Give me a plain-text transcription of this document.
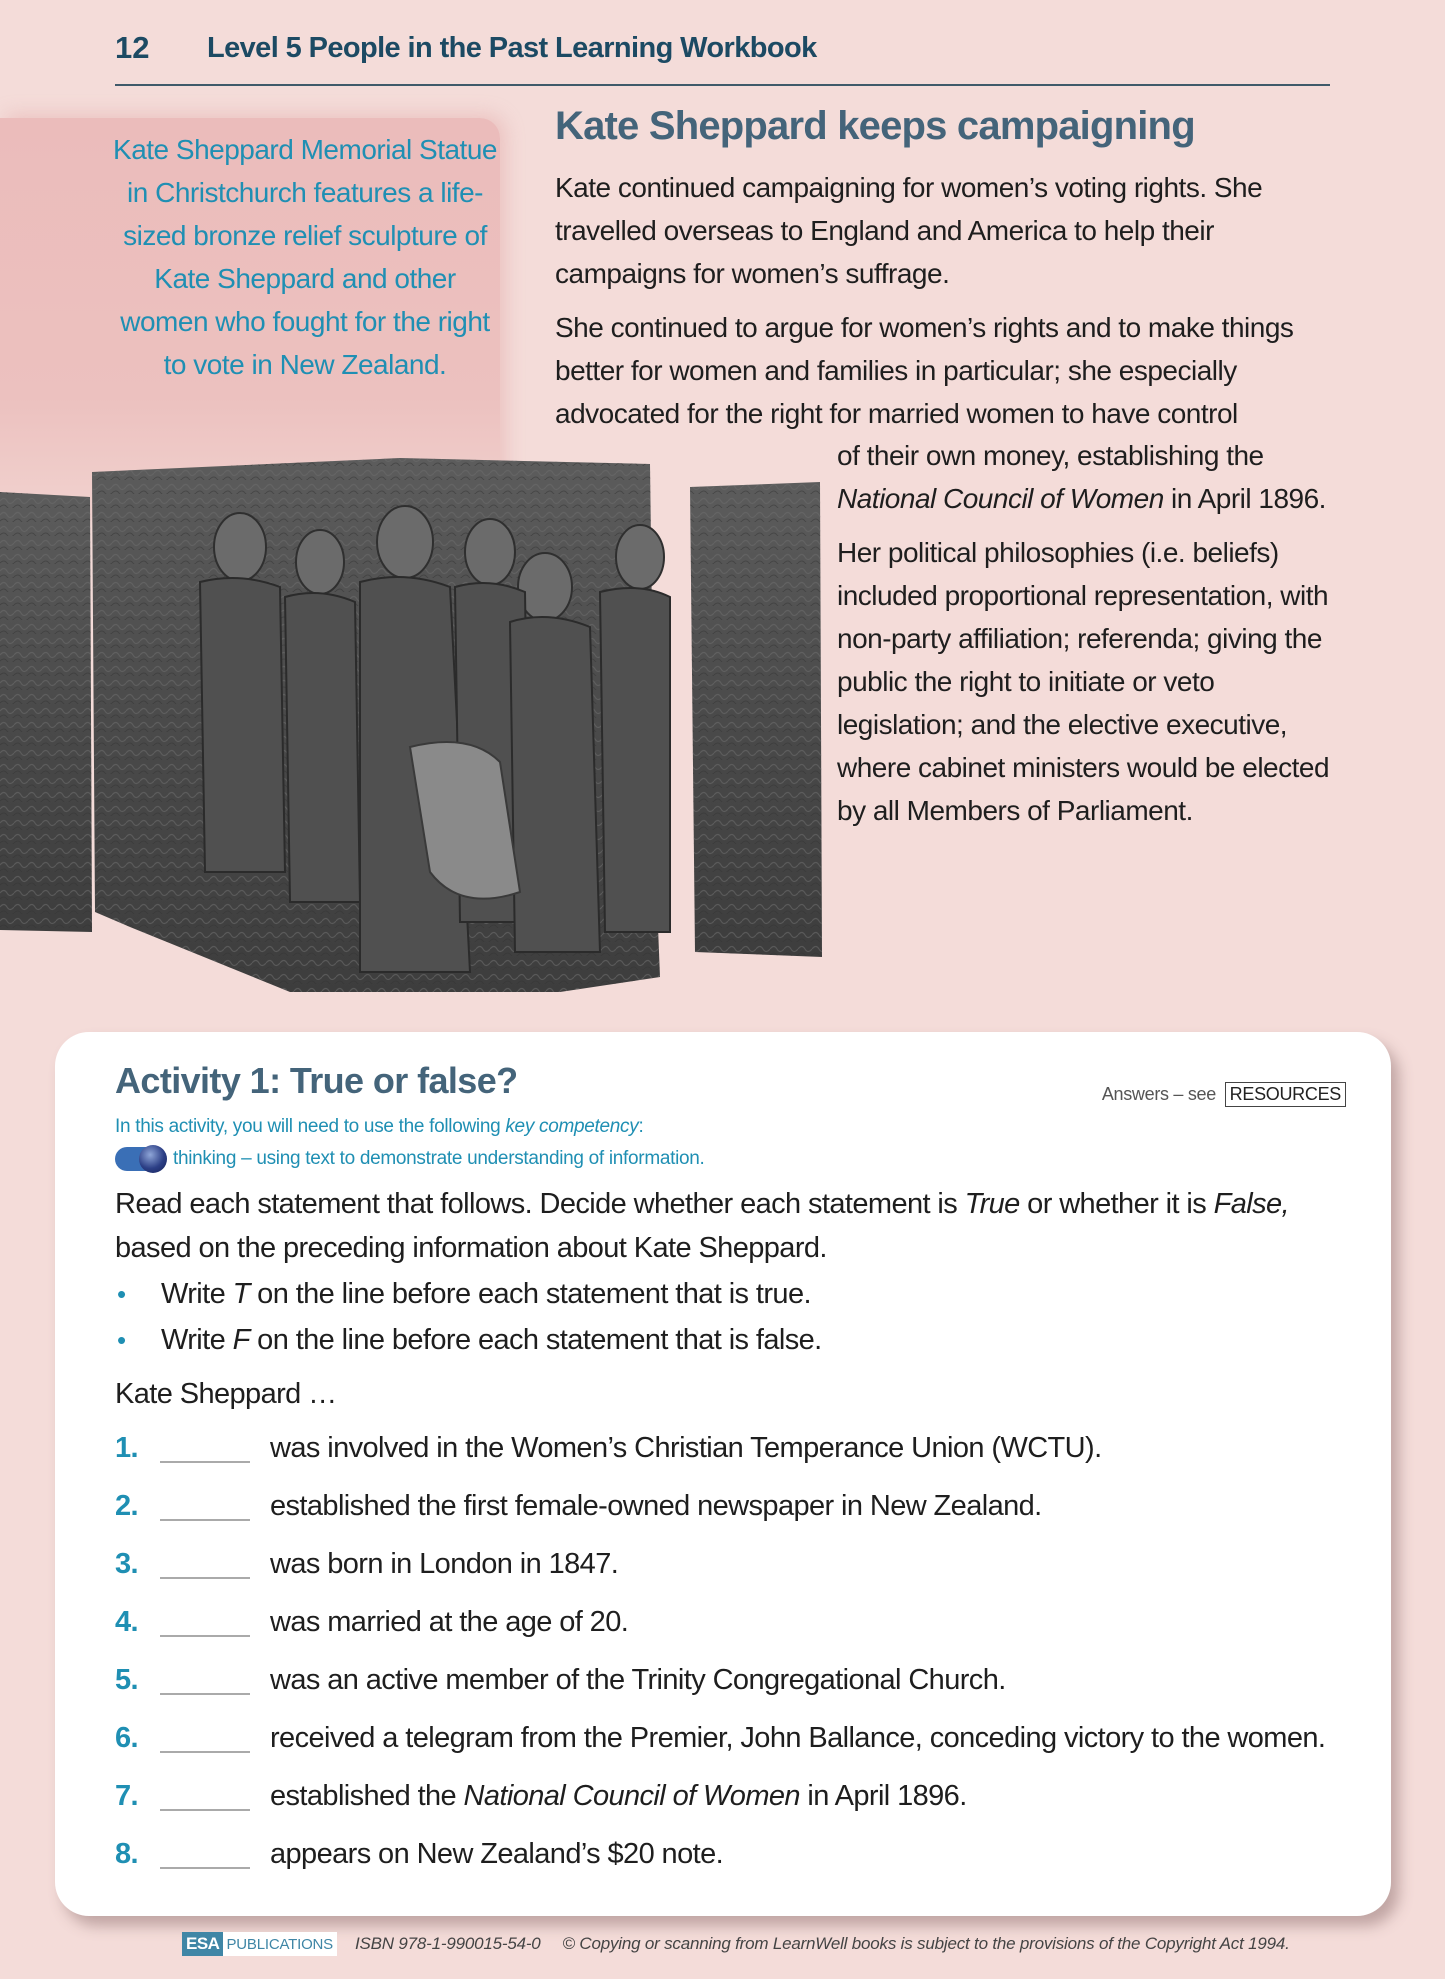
12 Level 5 People in the Past Learning Workbook

Kate Sheppard Memorial Statue in Christchurch features a life-sized bronze relief sculpture of Kate Sheppard and other women who fought for the right to vote in New Zealand.

Kate Sheppard keeps campaigning

Kate continued campaigning for women’s voting rights. She travelled overseas to England and America to help their campaigns for women’s suffrage.

She continued to argue for women’s rights and to make things better for women and families in particular; she especially advocated for the right for married women to have control

of their own money, establishing the National Council of Women in April 1896.

Her political philosophies (i.e. beliefs) included proportional representation, with non-party affiliation; referenda; giving the public the right to initiate or veto legislation; and the elective executive, where cabinet ministers would be elected by all Members of Parliament.

Activity 1: True or false?	Answers – see RESOURCES
In this activity, you will need to use the following key competency:
thinking – using text to demonstrate understanding of information.

Read each statement that follows. Decide whether each statement is True or whether it is False, based on the preceding information about Kate Sheppard.

• Write T on the line before each statement that is true.

• Write F on the line before each statement that is false.

Kate Sheppard …

1.	was involved in the Women’s Christian Temperance Union (WCTU).
2.	established the first female-owned newspaper in New Zealand.
3.	was born in London in 1847.
4.	was married at the age of 20.
5.	was an active member of the Trinity Congregational Church.
6.	received a telegram from the Premier, John Ballance, conceding victory to the women.
7.	established the National Council of Women in April 1896.
8.	appears on New Zealand’s $20 note.
ESA PUBLICATIONS ISBN 978-1-990015-54-0 © Copying or scanning from LearnWell books is subject to the provisions of the Copyright Act 1994.
